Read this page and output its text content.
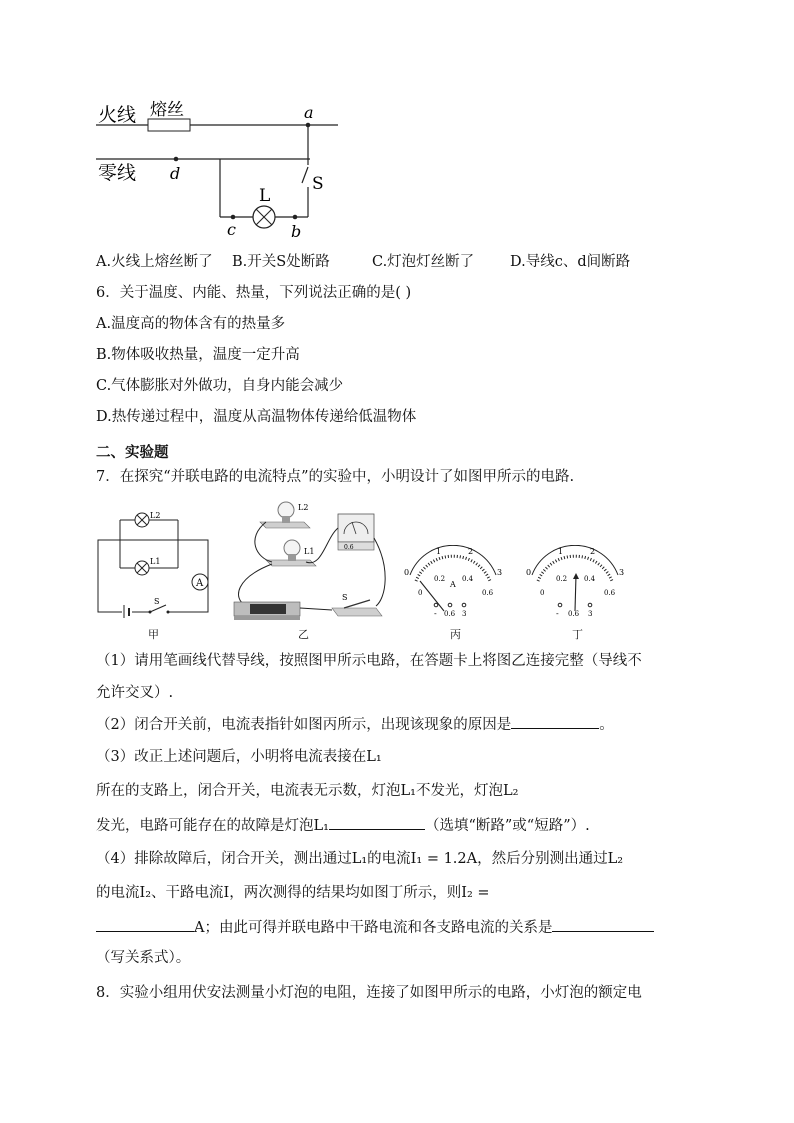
火线 熔丝
零线
a
d
L
S
c	b
A.火线上熔丝断了 B.开关S处断路	C.灯泡灯丝断了 D.导线c、d间断路
6．关于温度、内能、热量，下列说法正确的是( )
A.温度高的物体含有的热量多
B.物体吸收热量，温度一定升高
C.气体膨胀对外做功，自身内能会减少
D.热传递过程中，温度从高温物体传递给低温物体
二、实验题
7．在探究“并联电路的电流特点”的实验中，小明设计了如图甲所示的电路.
L2
L1
A
S
甲
L2
L1	0.6
S
乙
0
1	2
3
0
0.2 0.4
0.6
A
- 0.6 3
丙
0
1	2
3
0
0.2 0.4
0.6
- 0.6 3
丁
（1）请用笔画线代替导线，按照图甲所示电路，在答题卡上将图乙连接完整（导线不
允许交叉）.
（2）闭合开关前，电流表指针如图丙所示，出现该现象的原因是	。
（3）改正上述问题后，小明将电流表接在L₁
所在的支路上，闭合开关，电流表无示数，灯泡L₁不发光，灯泡L₂
发光，电路可能存在的故障是灯泡L₁	（选填“断路”或“短路”）.
（4）排除故障后，闭合开关，测出通过L₁的电流I₁ = 1.2A，然后分别测出通过L₂
的电流I₂、干路电流I，两次测得的结果均如图丁所示，则I₂ =
A；由此可得并联电路中干路电流和各支路电流的关系是
（写关系式）。
8．实验小组用伏安法测量小灯泡的电阻，连接了如图甲所示的电路，小灯泡的额定电
